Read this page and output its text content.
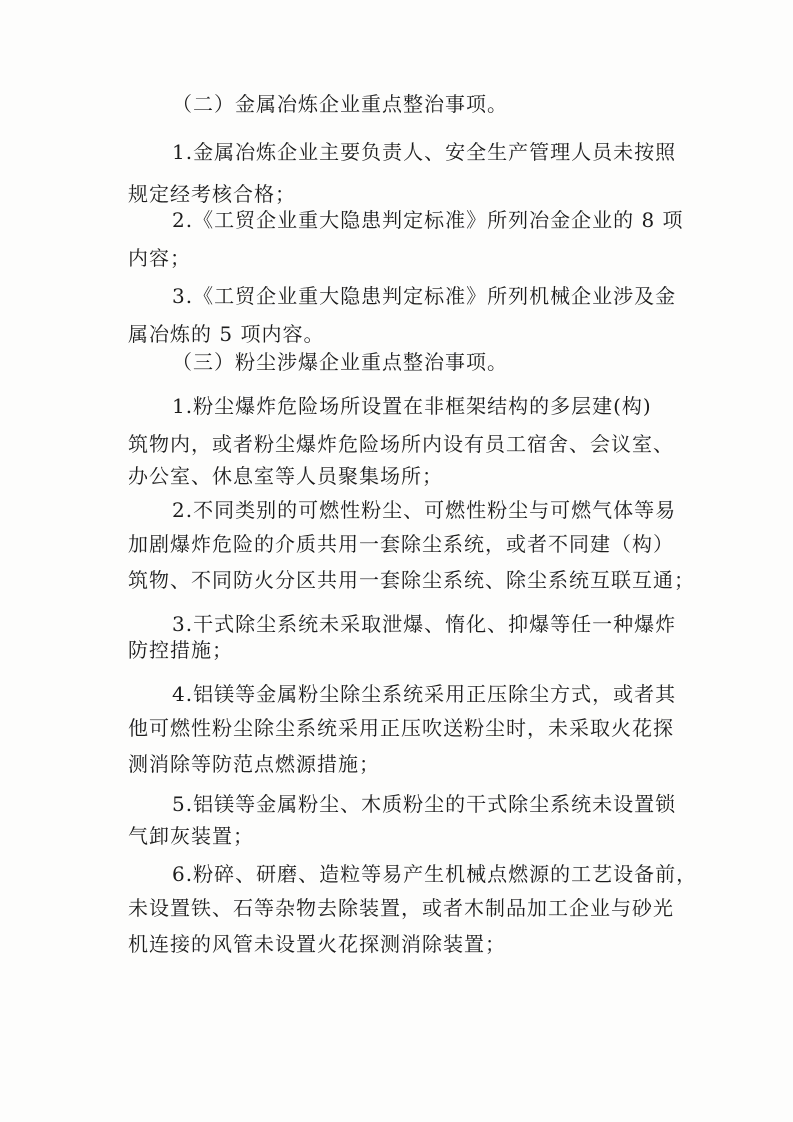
（二）金属冶炼企业重点整治事项。

1.金属冶炼企业主要负责人、安全生产管理人员未按照

规定经考核合格；

2.《工贸企业重大隐患判定标准》所列冶金企业的 8 项

内容；

3.《工贸企业重大隐患判定标准》所列机械企业涉及金

属冶炼的 5 项内容。

（三）粉尘涉爆企业重点整治事项。

1.粉尘爆炸危险场所设置在非框架结构的多层建(构)

筑物内，或者粉尘爆炸危险场所内设有员工宿舍、会议室、

办公室、休息室等人员聚集场所；

2.不同类别的可燃性粉尘、可燃性粉尘与可燃气体等易

加剧爆炸危险的介质共用一套除尘系统，或者不同建（构）

筑物、不同防火分区共用一套除尘系统、除尘系统互联互通；

3.干式除尘系统未采取泄爆、惰化、抑爆等任一种爆炸

防控措施；

4.铝镁等金属粉尘除尘系统采用正压除尘方式，或者其

他可燃性粉尘除尘系统采用正压吹送粉尘时，未采取火花探

测消除等防范点燃源措施；

5.铝镁等金属粉尘、木质粉尘的干式除尘系统未设置锁

气卸灰装置；

6.粉碎、研磨、造粒等易产生机械点燃源的工艺设备前，

未设置铁、石等杂物去除装置，或者木制品加工企业与砂光

机连接的风管未设置火花探测消除装置；
